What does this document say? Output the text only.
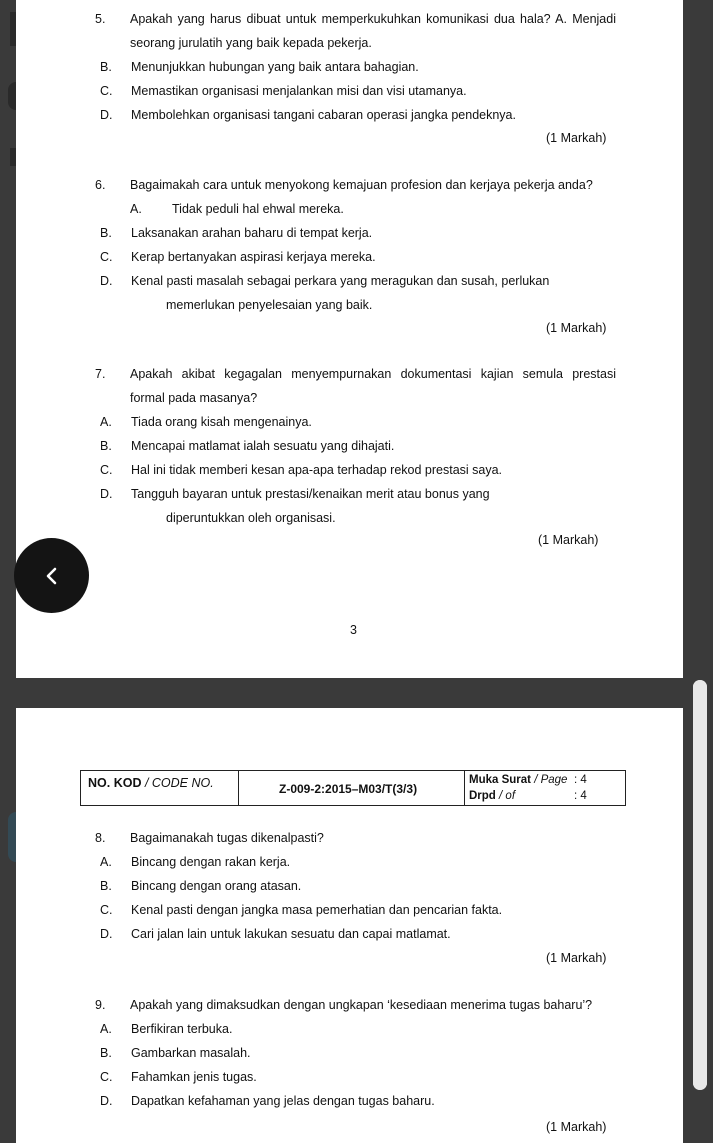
5. Apakah yang harus dibuat untuk memperkukuhkan komunikasi dua hala? A. Menjadi
seorang jurulatih yang baik kepada pekerja.
B. Menunjukkan hubungan yang baik antara bahagian.
C. Memastikan organisasi menjalankan misi dan visi utamanya.
D. Membolehkan organisasi tangani cabaran operasi jangka pendeknya.
(1 Markah)
6. Bagaimakah cara untuk menyokong kemajuan profesion dan kerjaya pekerja anda?
A. Tidak peduli hal ehwal mereka.
B. Laksanakan arahan baharu di tempat kerja.
C. Kerap bertanyakan aspirasi kerjaya mereka.
D. Kenal pasti masalah sebagai perkara yang meragukan dan susah, perlukan
memerlukan penyelesaian yang baik.
(1 Markah)
7. Apakah akibat kegagalan menyempurnakan dokumentasi kajian semula prestasi
formal pada masanya?
A. Tiada orang kisah mengenainya.
B. Mencapai matlamat ialah sesuatu yang dihajati.
C. Hal ini tidak memberi kesan apa-apa terhadap rekod prestasi saya.
D. Tangguh bayaran untuk prestasi/kenaikan merit atau bonus yang
diperuntukkan oleh organisasi.
(1 Markah)
3
NO. KOD / CODE NO.	Z-009-2:2015–M03/T(3/3)
Muka Surat / Page : 4
Drpd / of	: 4
8. Bagaimanakah tugas dikenalpasti?
A. Bincang dengan rakan kerja.
B. Bincang dengan orang atasan.
C. Kenal pasti dengan jangka masa pemerhatian dan pencarian fakta.
D. Cari jalan lain untuk lakukan sesuatu dan capai matlamat.
(1 Markah)
9. Apakah yang dimaksudkan dengan ungkapan ‘kesediaan menerima tugas baharu’?
A. Berfikiran terbuka.
B. Gambarkan masalah.
C. Fahamkan jenis tugas.
D. Dapatkan kefahaman yang jelas dengan tugas baharu.
(1 Markah)
